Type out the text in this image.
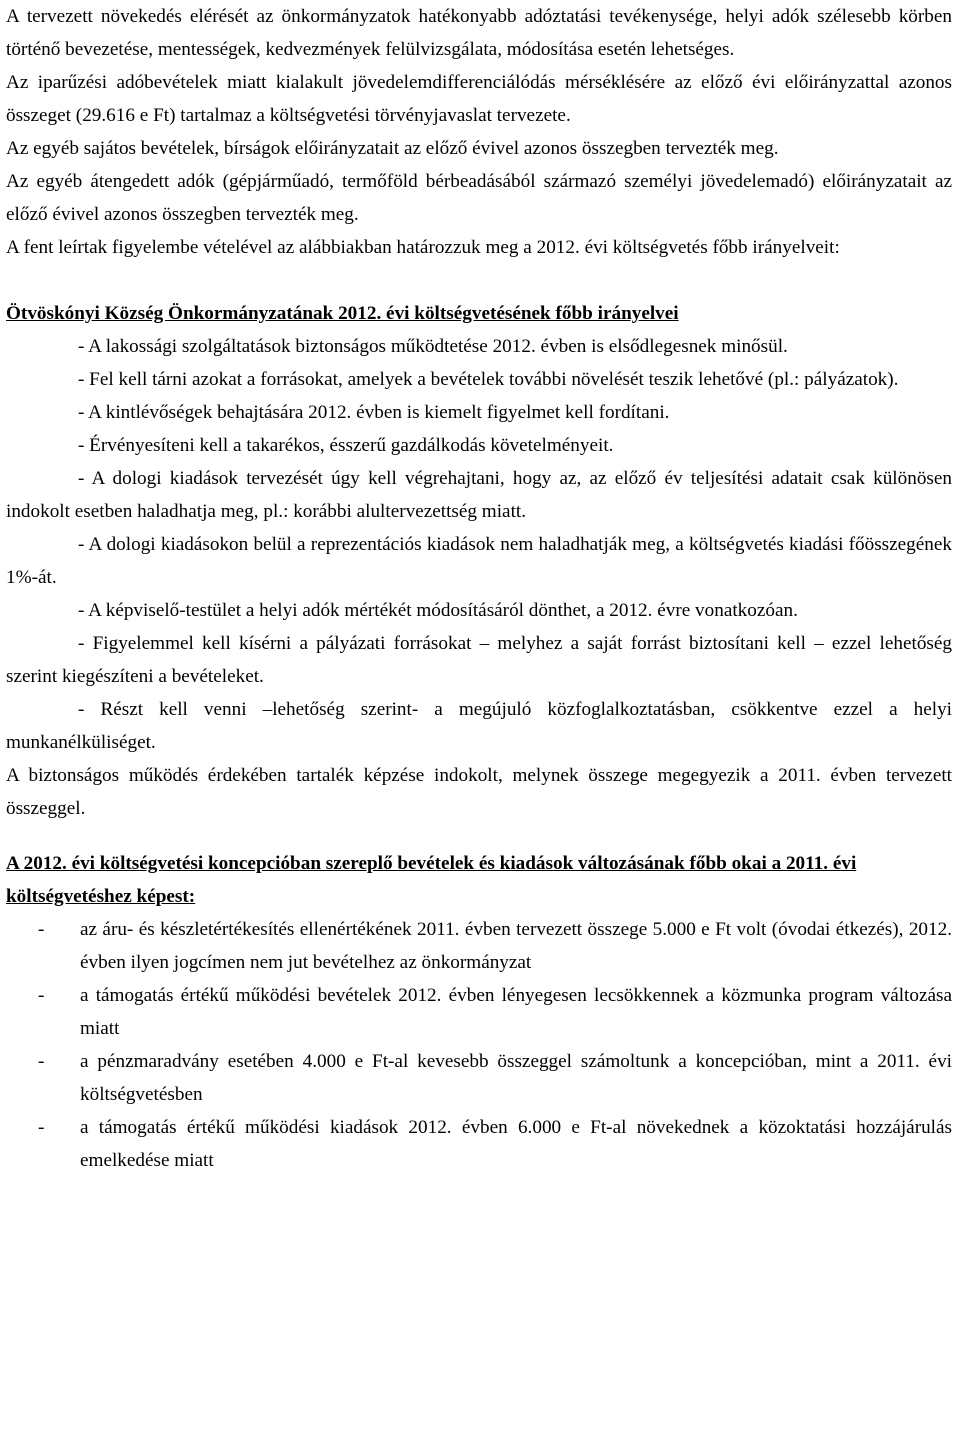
A tervezett növekedés elérését az önkormányzatok hatékonyabb adóztatási tevékenysége, helyi adók szélesebb körben történő bevezetése, mentességek, kedvezmények felülvizsgálata, módosítása esetén lehetséges.

Az iparűzési adóbevételek miatt kialakult jövedelemdifferenciálódás mérséklésére az előző évi előirányzattal azonos összeget (29.616 e Ft) tartalmaz a költségvetési törvényjavaslat tervezete.

Az egyéb sajátos bevételek, bírságok előirányzatait az előző évivel azonos összegben tervezték meg.

Az egyéb átengedett adók (gépjárműadó, termőföld bérbeadásából származó személyi jövedelemadó) előirányzatait az előző évivel azonos összegben tervezték meg.

A fent leírtak figyelembe vételével az alábbiakban határozzuk meg a 2012. évi költségvetés főbb irányelveit:

Ötvöskónyi Község Önkormányzatának 2012. évi költségvetésének főbb irányelvei

- A lakossági szolgáltatások biztonságos működtetése 2012. évben is elsődlegesnek minősül.

- Fel kell tárni azokat a forrásokat, amelyek a bevételek további növelését teszik lehetővé (pl.: pályázatok).

- A kintlévőségek behajtására 2012. évben is kiemelt figyelmet kell fordítani.

- Érvényesíteni kell a takarékos, ésszerű gazdálkodás követelményeit.

- A dologi kiadások tervezését úgy kell végrehajtani, hogy az, az előző év teljesítési adatait csak különösen indokolt esetben haladhatja meg, pl.: korábbi alultervezettség miatt.

- A dologi kiadásokon belül a reprezentációs kiadások nem haladhatják meg, a költségvetés kiadási főösszegének 1%-át.

- A képviselő-testület a helyi adók mértékét módosításáról dönthet, a 2012. évre vonatkozóan.

- Figyelemmel kell kísérni a pályázati forrásokat – melyhez a saját forrást biztosítani kell – ezzel lehetőség szerint kiegészíteni a bevételeket.

- Részt kell venni –lehetőség szerint- a megújuló közfoglalkoztatásban, csökkentve ezzel a helyi munkanélküliséget.

A biztonságos működés érdekében tartalék képzése indokolt, melynek összege megegyezik a 2011. évben tervezett összeggel.

A 2012. évi költségvetési koncepcióban szereplő bevételek és kiadások változásának főbb okai a 2011. évi költségvetéshez képest:
- az áru- és készletértékesítés ellenértékének 2011. évben tervezett összege 5.000 e Ft volt (óvodai étkezés), 2012. évben ilyen jogcímen nem jut bevételhez az önkormányzat
- a támogatás értékű működési bevételek 2012. évben lényegesen lecsökkennek a közmunka program változása miatt
- a pénzmaradvány esetében 4.000 e Ft-al kevesebb összeggel számoltunk a koncepcióban, mint a 2011. évi költségvetésben
- a támogatás értékű működési kiadások 2012. évben 6.000 e Ft-al növekednek a közoktatási hozzájárulás emelkedése miatt
